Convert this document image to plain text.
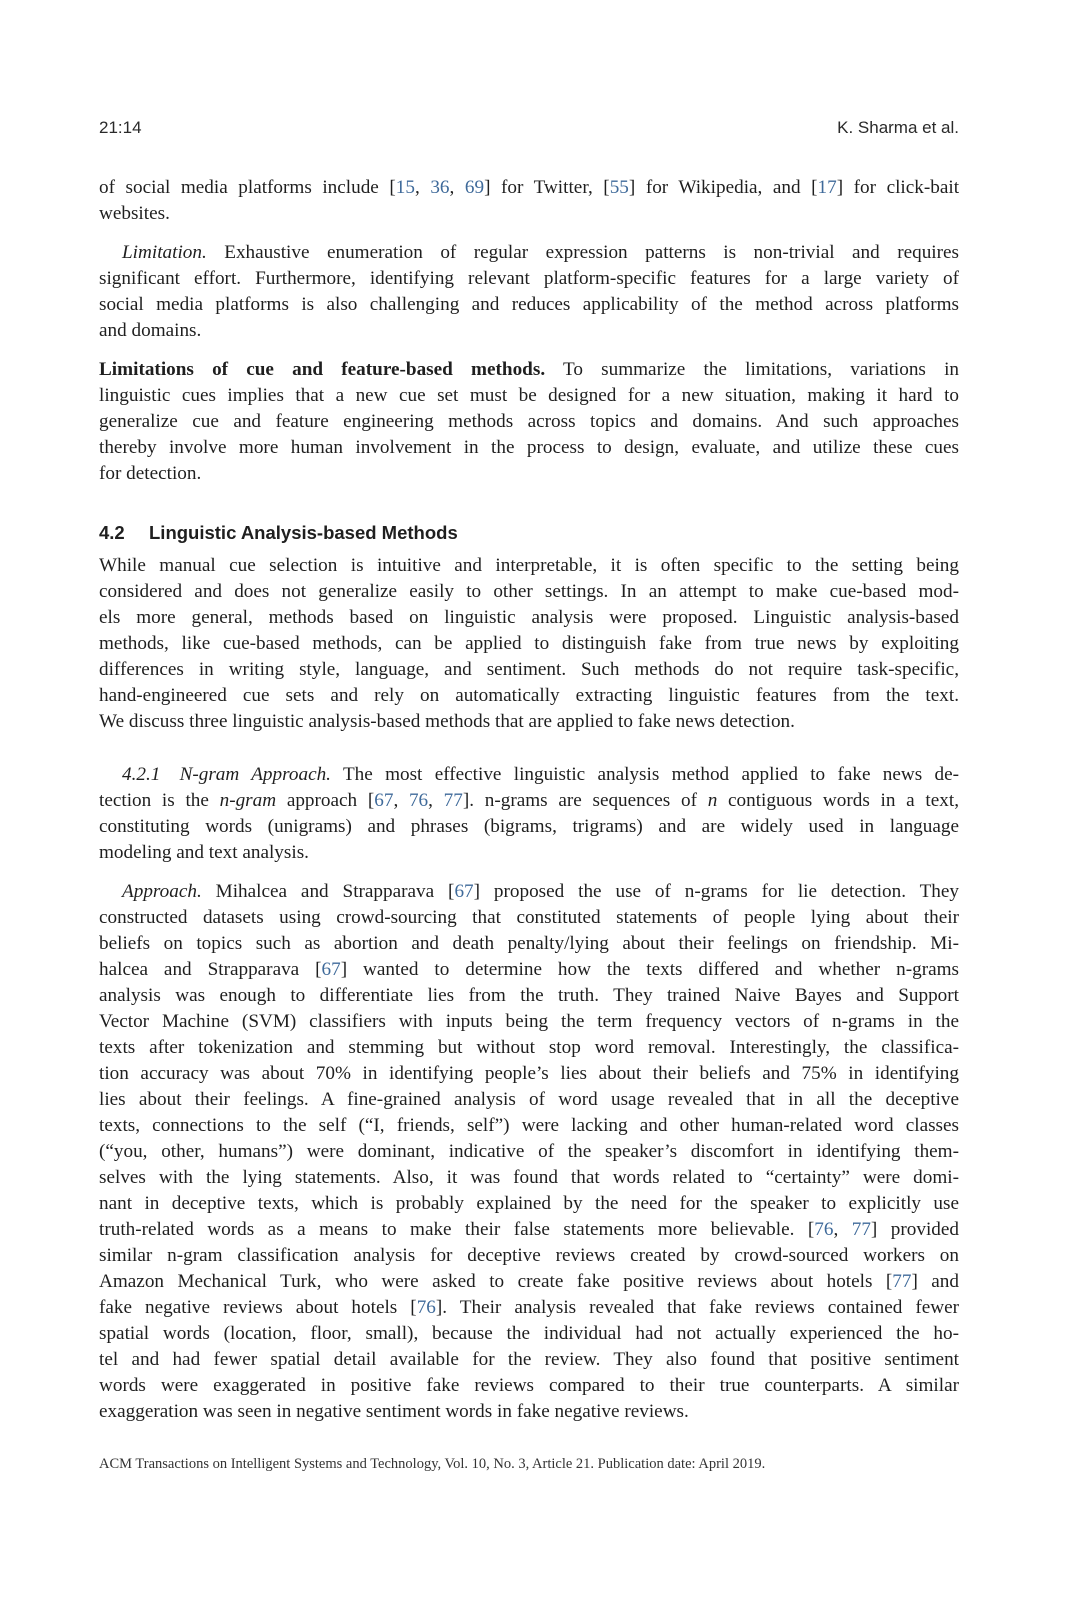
21:14	K. Sharma et al.
of social media platforms include [15, 36, 69] for Twitter, [55] for Wikipedia, and [17] for click-bait
websites.
Limitation. Exhaustive enumeration of regular expression patterns is non-trivial and requires
significant effort. Furthermore, identifying relevant platform-specific features for a large variety of
social media platforms is also challenging and reduces applicability of the method across platforms
and domains.
Limitations of cue and feature-based methods. To summarize the limitations, variations in
linguistic cues implies that a new cue set must be designed for a new situation, making it hard to
generalize cue and feature engineering methods across topics and domains. And such approaches
thereby involve more human involvement in the process to design, evaluate, and utilize these cues
for detection.
While manual cue selection is intuitive and interpretable, it is often specific to the setting being
considered and does not generalize easily to other settings. In an attempt to make cue-based mod-
els more general, methods based on linguistic analysis were proposed. Linguistic analysis-based
methods, like cue-based methods, can be applied to distinguish fake from true news by exploiting
differences in writing style, language, and sentiment. Such methods do not require task-specific,
hand-engineered cue sets and rely on automatically extracting linguistic features from the text.
We discuss three linguistic analysis-based methods that are applied to fake news detection.
4.2.1 N-gram Approach. The most effective linguistic analysis method applied to fake news de-
tection is the n-gram approach [67, 76, 77]. n-grams are sequences of n contiguous words in a text,
constituting words (unigrams) and phrases (bigrams, trigrams) and are widely used in language
modeling and text analysis.
Approach. Mihalcea and Strapparava [67] proposed the use of n-grams for lie detection. They
constructed datasets using crowd-sourcing that constituted statements of people lying about their
beliefs on topics such as abortion and death penalty/lying about their feelings on friendship. Mi-
halcea and Strapparava [67] wanted to determine how the texts differed and whether n-grams
analysis was enough to differentiate lies from the truth. They trained Naive Bayes and Support
Vector Machine (SVM) classifiers with inputs being the term frequency vectors of n-grams in the
texts after tokenization and stemming but without stop word removal. Interestingly, the classifica-
tion accuracy was about 70% in identifying people’s lies about their beliefs and 75% in identifying
lies about their feelings. A fine-grained analysis of word usage revealed that in all the deceptive
texts, connections to the self (“I, friends, self”) were lacking and other human-related word classes
(“you, other, humans”) were dominant, indicative of the speaker’s discomfort in identifying them-
selves with the lying statements. Also, it was found that words related to “certainty” were domi-
nant in deceptive texts, which is probably explained by the need for the speaker to explicitly use
truth-related words as a means to make their false statements more believable. [76, 77] provided
similar n-gram classification analysis for deceptive reviews created by crowd-sourced workers on
Amazon Mechanical Turk, who were asked to create fake positive reviews about hotels [77] and
fake negative reviews about hotels [76]. Their analysis revealed that fake reviews contained fewer
spatial words (location, floor, small), because the individual had not actually experienced the ho-
tel and had fewer spatial detail available for the review. They also found that positive sentiment
words were exaggerated in positive fake reviews compared to their true counterparts. A similar
exaggeration was seen in negative sentiment words in fake negative reviews.
4.2 Linguistic Analysis-based Methods
ACM Transactions on Intelligent Systems and Technology, Vol. 10, No. 3, Article 21. Publication date: April 2019.
